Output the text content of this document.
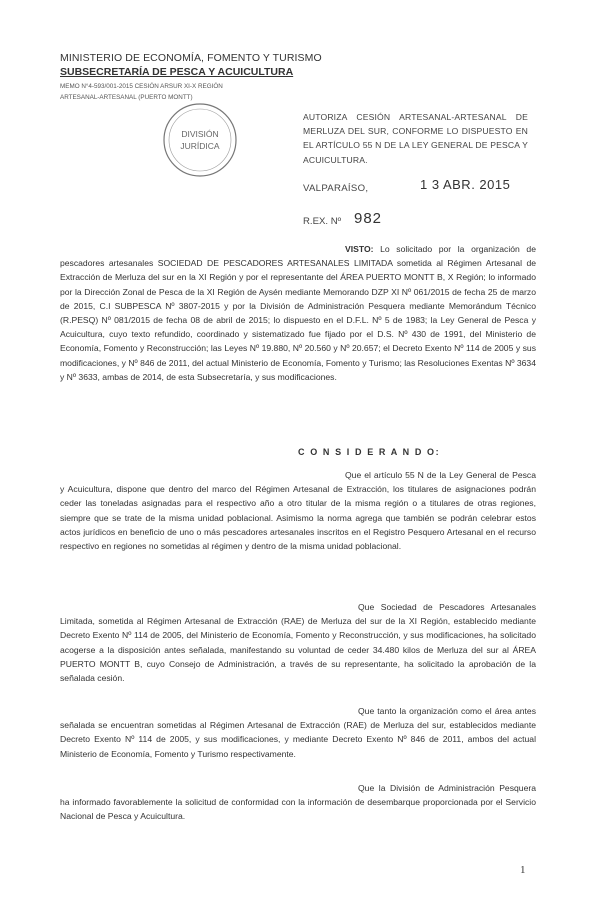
MINISTERIO DE ECONOMÍA, FOMENTO Y TURISMO
SUBSECRETARÍA DE PESCA Y ACUICULTURA
MEMO N°4-593/001-2015 CESIÓN ARSUR XI-X REGIÓN
ARTESANAL-ARTESANAL (PUERTO MONTT)
DIVISIÓN
JURÍDICA
AUTORIZA CESIÓN ARTESANAL-ARTESANAL DE MERLUZA DEL SUR, CONFORME LO DISPUESTO EN EL ARTÍCULO 55 N DE LA LEY GENERAL DE PESCA Y ACUICULTURA.
VALPARAÍSO,	1 3 ABR. 2015
R.EX. Nº 982
VISTO: Lo solicitado por la organización de pescadores artesanales SOCIEDAD DE PESCADORES ARTESANALES LIMITADA sometida al Régimen Artesanal de Extracción de Merluza del sur en la XI Región y por el representante del ÁREA PUERTO MONTT B, X Región; lo informado por la Dirección Zonal de Pesca de la XI Región de Aysén mediante Memorando DZP XI Nº 061/2015 de fecha 25 de marzo de 2015, C.I SUBPESCA Nº 3807-2015 y por la División de Administración Pesquera mediante Memorándum Técnico (R.PESQ) Nº 081/2015 de fecha 08 de abril de 2015; lo dispuesto en el D.F.L. Nº 5 de 1983; la Ley General de Pesca y Acuicultura, cuyo texto refundido, coordinado y sistematizado fue fijado por el D.S. Nº 430 de 1991, del Ministerio de Economía, Fomento y Reconstrucción; las Leyes Nº 19.880, Nº 20.560 y Nº 20.657; el Decreto Exento Nº 114 de 2005 y sus modificaciones, y Nº 846 de 2011, del actual Ministerio de Economía, Fomento y Turismo; las Resoluciones Exentas Nº 3634 y Nº 3633, ambas de 2014, de esta Subsecretaría, y sus modificaciones.
C O N S I D E R A N D O:
Que el artículo 55 N de la Ley General de Pesca y Acuicultura, dispone que dentro del marco del Régimen Artesanal de Extracción, los titulares de asignaciones podrán ceder las toneladas asignadas para el respectivo año a otro titular de la misma región o a titulares de otras regiones, siempre que se trate de la misma unidad poblacional. Asimismo la norma agrega que también se podrán celebrar estos actos jurídicos en beneficio de uno o más pescadores artesanales inscritos en el Registro Pesquero Artesanal en el recurso respectivo en regiones no sometidas al régimen y dentro de la misma unidad poblacional.
Que Sociedad de Pescadores Artesanales Limitada, sometida al Régimen Artesanal de Extracción (RAE) de Merluza del sur de la XI Región, establecido mediante Decreto Exento Nº 114 de 2005, del Ministerio de Economía, Fomento y Reconstrucción, y sus modificaciones, ha solicitado acogerse a la disposición antes señalada, manifestando su voluntad de ceder 34.480 kilos de Merluza del sur al ÁREA PUERTO MONTT B, cuyo Consejo de Administración, a través de su representante, ha solicitado la aprobación de la señalada cesión.
Que tanto la organización como el área antes señalada se encuentran sometidas al Régimen Artesanal de Extracción (RAE) de Merluza del sur, establecidos mediante Decreto Exento Nº 114 de 2005, y sus modificaciones, y mediante Decreto Exento Nº 846 de 2011, ambos del actual Ministerio de Economía, Fomento y Turismo respectivamente.
Que la División de Administración Pesquera ha informado favorablemente la solicitud de conformidad con la información de desembarque proporcionada por el Servicio Nacional de Pesca y Acuicultura.
1
